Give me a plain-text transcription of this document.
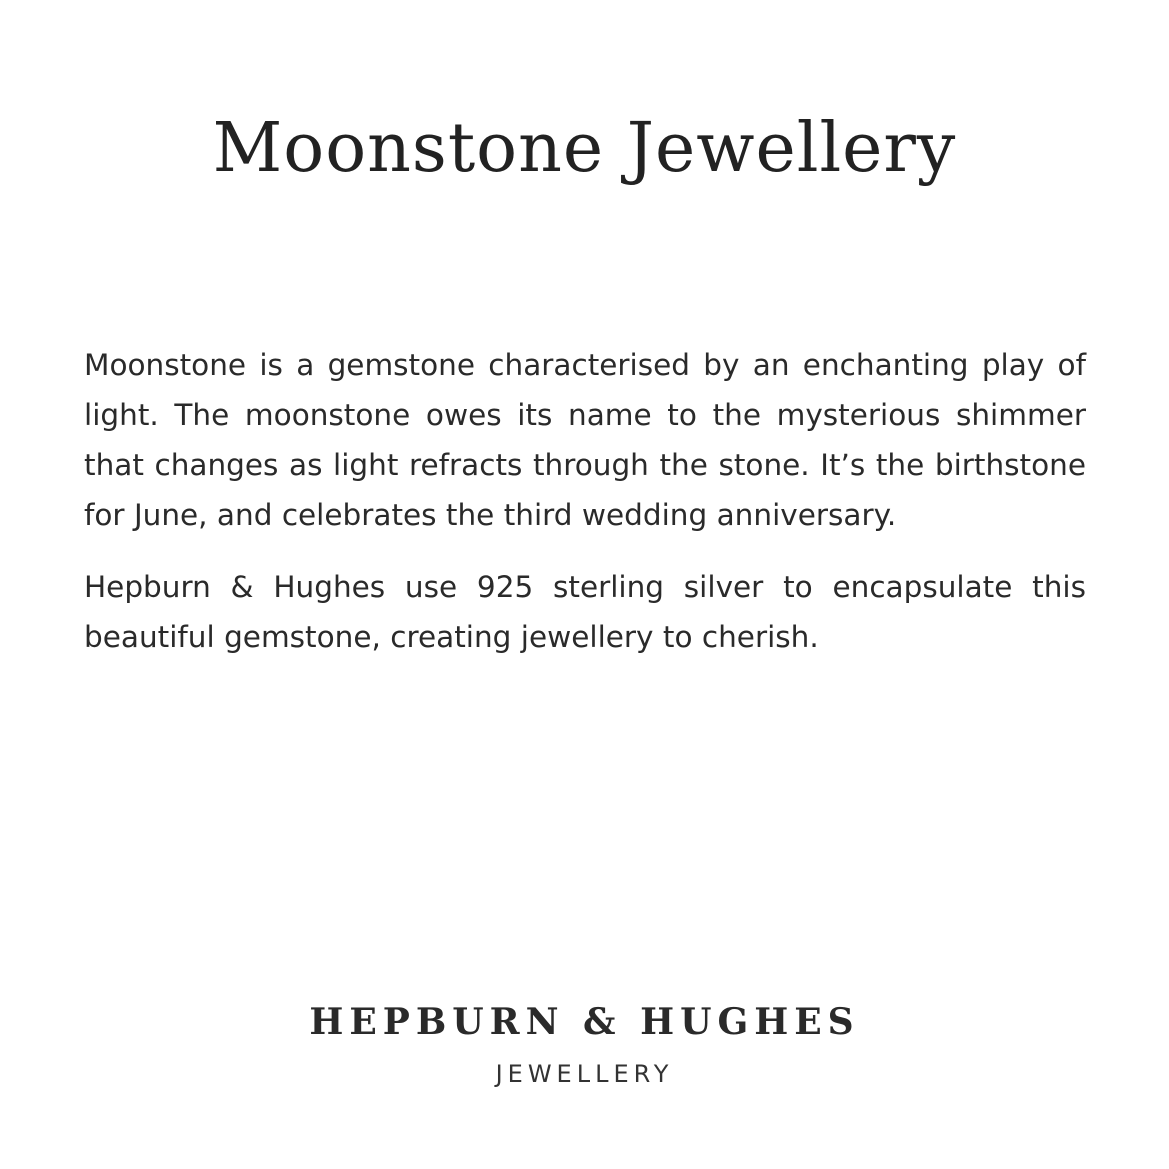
Moonstone Jewellery

Moonstone is a gemstone characterised by an enchanting play of light. The moonstone owes its name to the mysterious shimmer that changes as light refracts through the stone. It’s the birthstone for June, and celebrates the third wedding anniversary.

Hepburn & Hughes use 925 sterling silver to encapsulate this beautiful gemstone, creating jewellery to cherish.

HEPBURN & HUGHES
JEWELLERY
